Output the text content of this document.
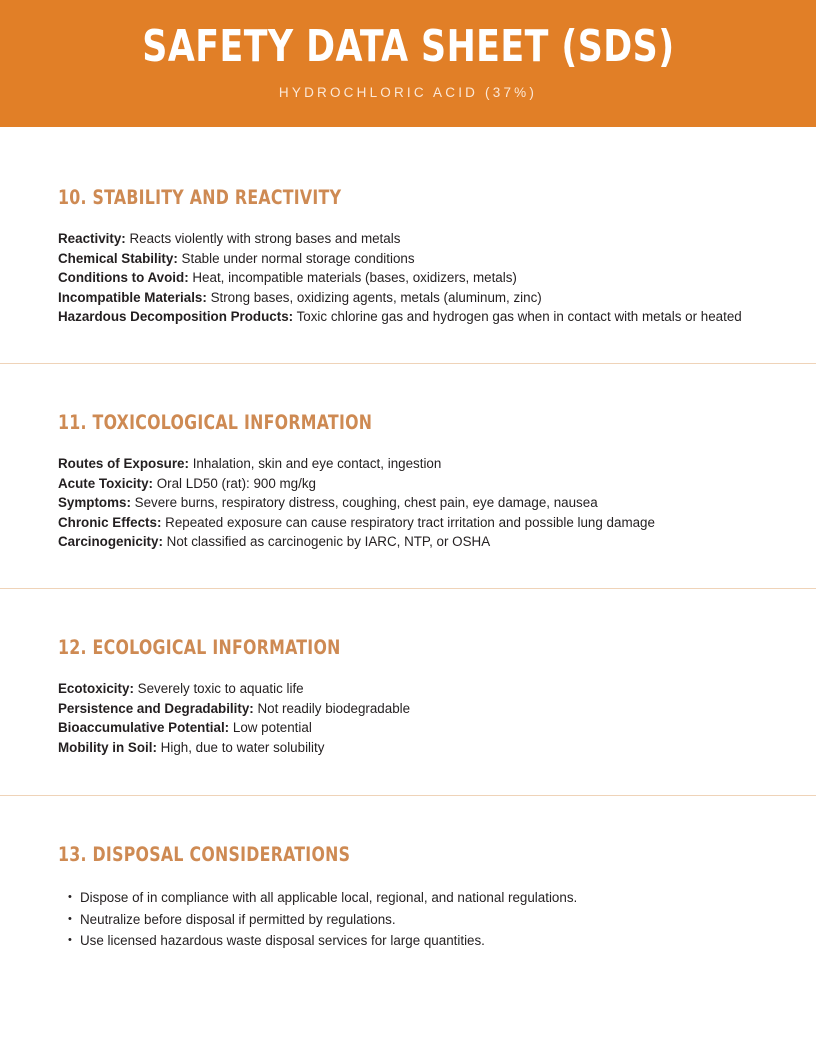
SAFETY DATA SHEET (SDS)
HYDROCHLORIC ACID (37%)
10. STABILITY AND REACTIVITY
Reactivity: Reacts violently with strong bases and metals
Chemical Stability: Stable under normal storage conditions
Conditions to Avoid: Heat, incompatible materials (bases, oxidizers, metals)
Incompatible Materials: Strong bases, oxidizing agents, metals (aluminum, zinc)
Hazardous Decomposition Products: Toxic chlorine gas and hydrogen gas when in contact with metals or heated
11. TOXICOLOGICAL INFORMATION
Routes of Exposure: Inhalation, skin and eye contact, ingestion
Acute Toxicity: Oral LD50 (rat): 900 mg/kg
Symptoms: Severe burns, respiratory distress, coughing, chest pain, eye damage, nausea
Chronic Effects: Repeated exposure can cause respiratory tract irritation and possible lung damage
Carcinogenicity: Not classified as carcinogenic by IARC, NTP, or OSHA
12. ECOLOGICAL INFORMATION
Ecotoxicity: Severely toxic to aquatic life
Persistence and Degradability: Not readily biodegradable
Bioaccumulative Potential: Low potential
Mobility in Soil: High, due to water solubility
13. DISPOSAL CONSIDERATIONS
• Dispose of in compliance with all applicable local, regional, and national regulations.
• Neutralize before disposal if permitted by regulations.
• Use licensed hazardous waste disposal services for large quantities.
